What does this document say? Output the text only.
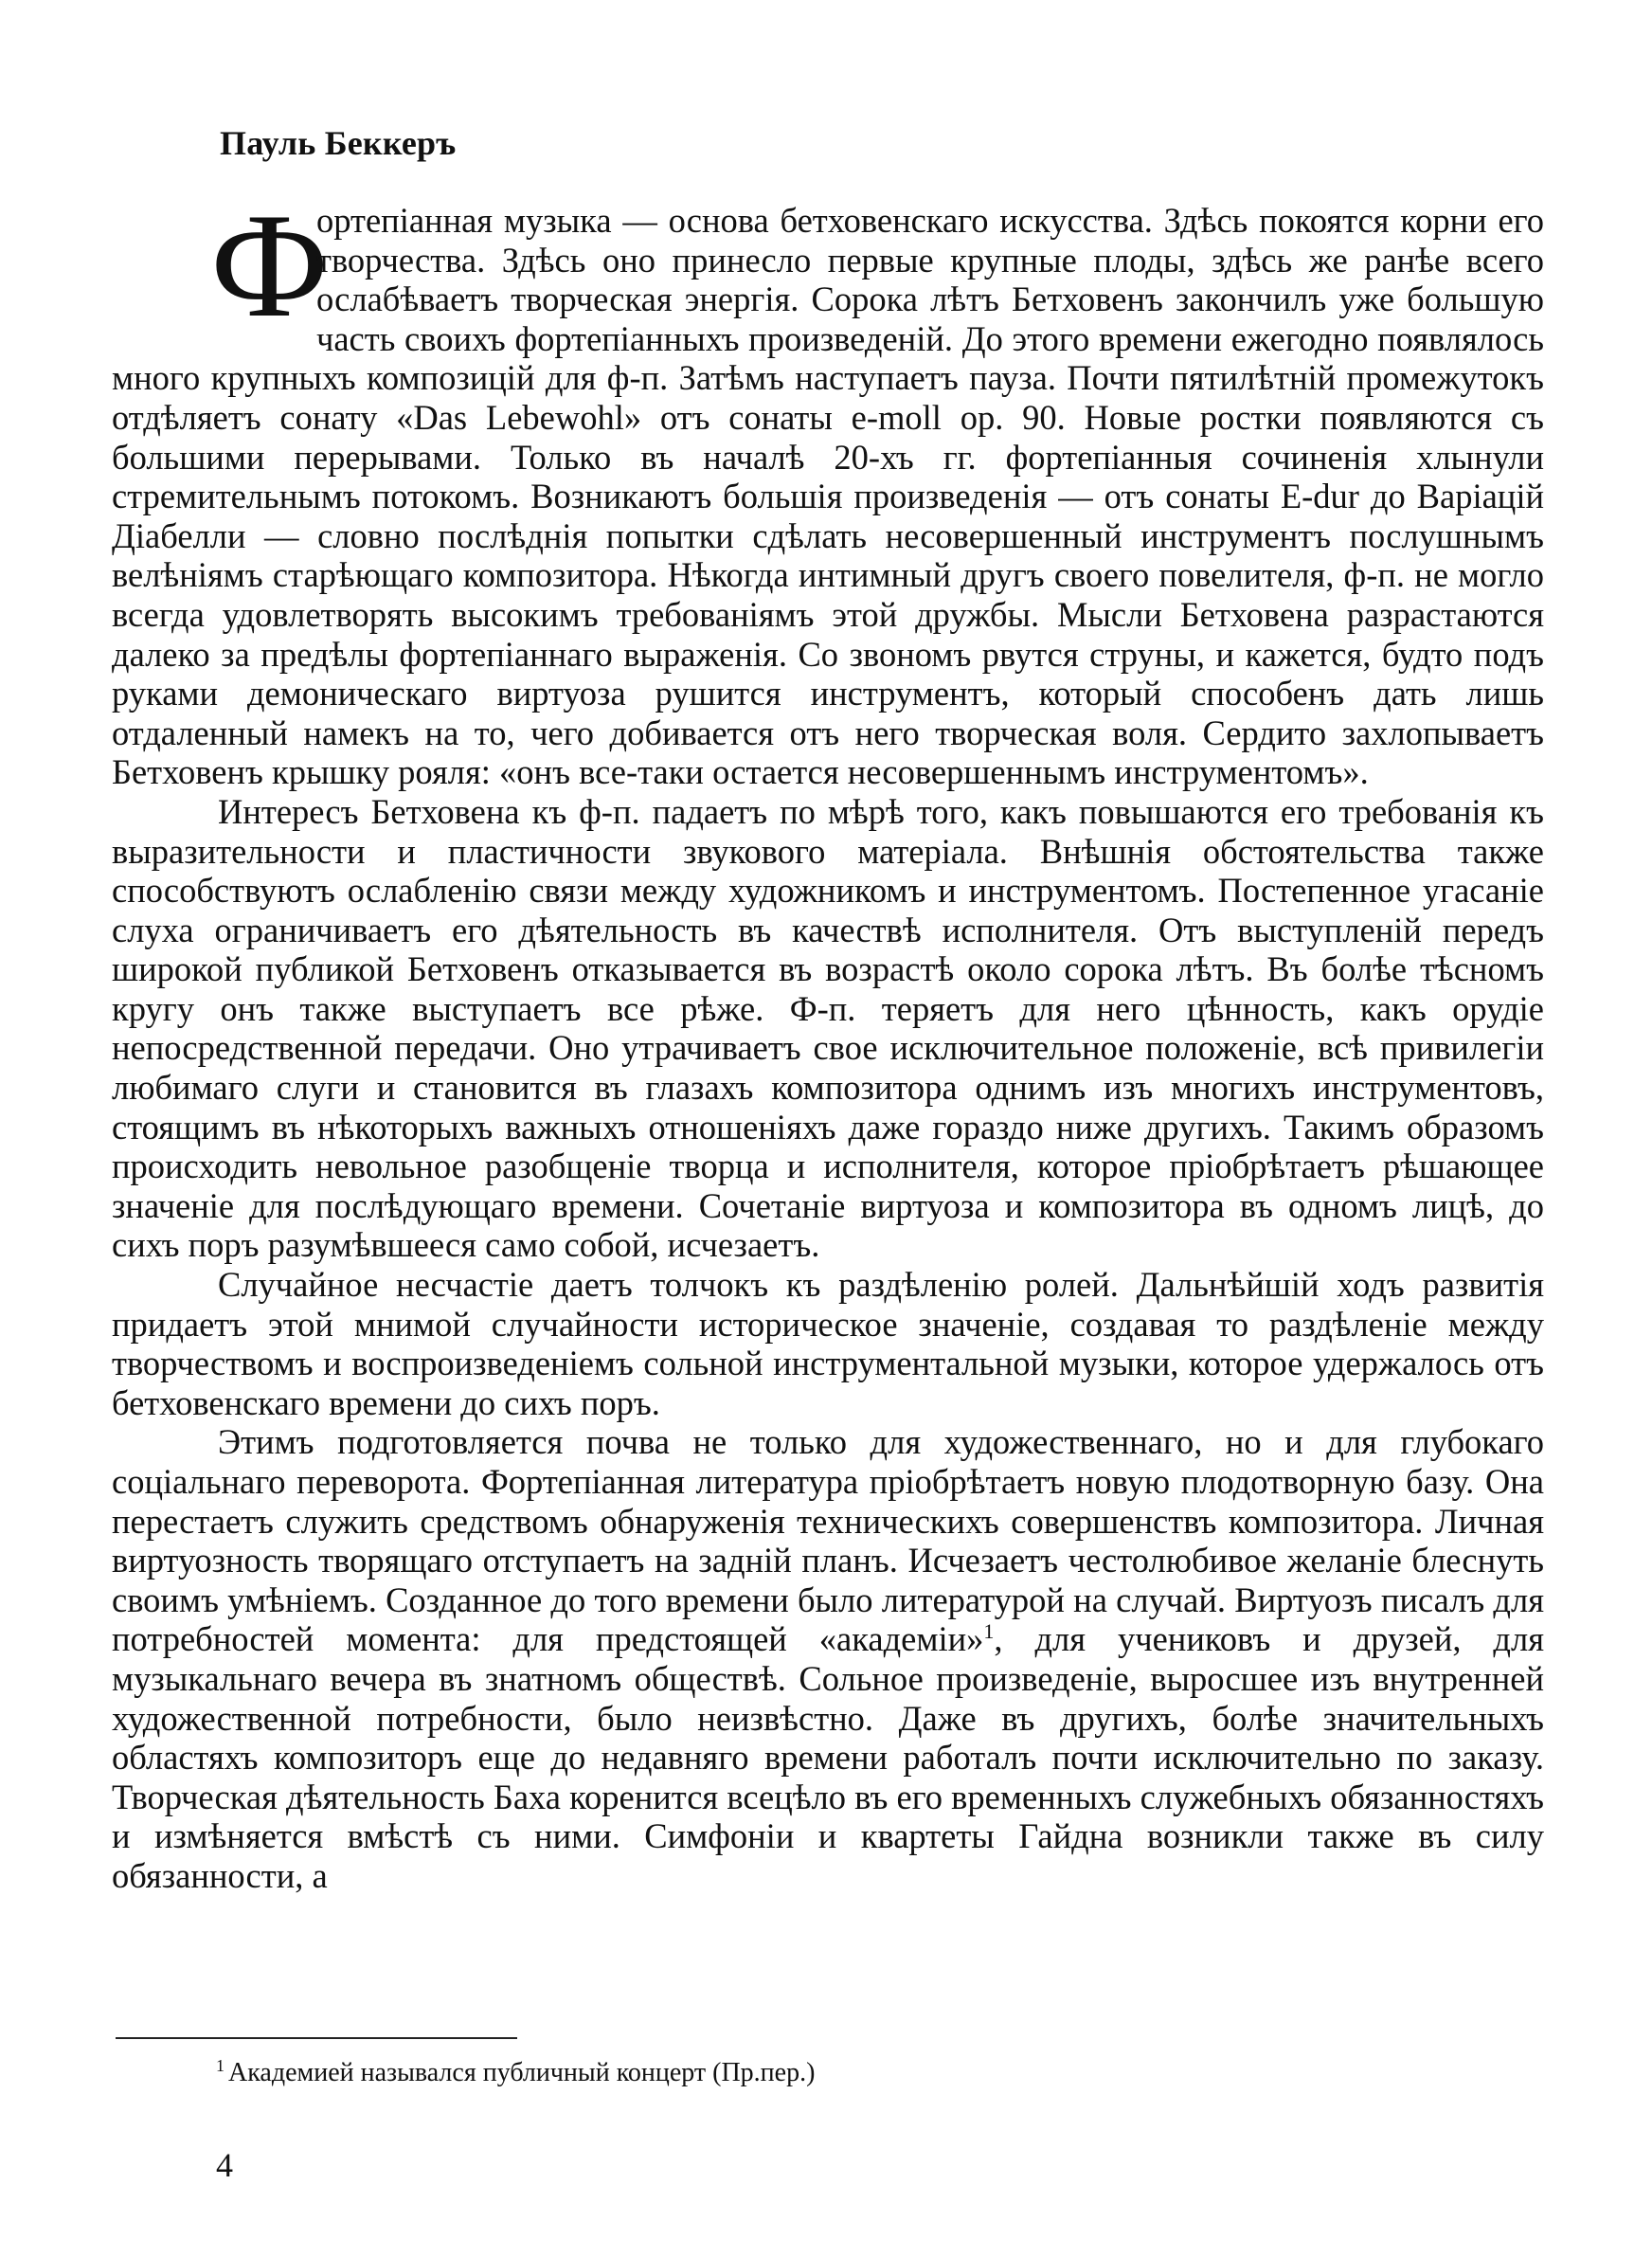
Пауль Беккеръ

Ф
ортепіанная музыка — основа бетховенскаго искусства. Здѣсь покоятся корни его творчества. Здѣсь оно принесло первые крупные плоды, здѣсь же ранѣе всего ослабѣваетъ творческая энергія. Сорока лѣтъ Бетховенъ закончилъ уже большую часть своихъ фортепіанныхъ произведеній. До этого времени ежегодно появлялось много крупныхъ композицій для ф-п. Затѣмъ наступаетъ пауза. Почти пятилѣтній промежутокъ отдѣляетъ сонату «Das Lebewohl» отъ сонаты e-moll op. 90. Новые ростки появляются съ большими перерывами. Только въ началѣ 20-хъ гг. фортепіанныя сочиненія хлынули стремительнымъ потокомъ. Возникаютъ большія произведенія — отъ сонаты E-dur до Варіацій Діабелли — словно послѣднія попытки сдѣлать несовершенный инструментъ послушнымъ велѣніямъ старѣющаго композитора. Нѣкогда интимный другъ своего повелителя, ф-п. не могло всегда удовлетворять высокимъ требованіямъ этой дружбы. Мысли Бетховена разрастаются далеко за предѣлы фортепіаннаго выраженія. Со звономъ рвутся струны, и кажется, будто подъ руками демоническаго виртуоза рушится инструментъ, который способенъ дать лишь отдаленный намекъ на то, чего добивается отъ него творческая воля. Сердито захлопываетъ Бетховенъ крышку рояля: «онъ все-таки остается несовершеннымъ инструментомъ».

Интересъ Бетховена къ ф-п. падаетъ по мѣрѣ того, какъ повышаются его требованія къ выразительности и пластичности звукового матеріала. Внѣшнія обстоятельства также способствуютъ ослабленію связи между художникомъ и инструментомъ. Постепенное угасаніе слуха ограничиваетъ его дѣятельность въ качествѣ исполнителя. Отъ выступленій передъ широкой публикой Бетховенъ отказывается въ возрастѣ около сорока лѣтъ. Въ болѣе тѣсномъ кругу онъ также выступаетъ все рѣже. Ф-п. теряетъ для него цѣнность, какъ орудіе непосредственной передачи. Оно утрачиваетъ свое исключительное положеніе, всѣ привилегіи любимаго слуги и становится въ глазахъ композитора однимъ изъ многихъ инструментовъ, стоящимъ въ нѣкоторыхъ важныхъ отношеніяхъ даже гораздо ниже другихъ. Такимъ образомъ происходить невольное разобщеніе творца и исполнителя, которое пріобрѣтаетъ рѣшающее значеніе для послѣдующаго времени. Сочетаніе виртуоза и композитора въ одномъ лицѣ, до сихъ поръ разумѣвшееся само собой, исчезаетъ.

Случайное несчастіе даетъ толчокъ къ раздѣленію ролей. Дальнѣйшій ходъ развитія придаетъ этой мнимой случайности историческое значеніе, создавая то раздѣленіе между творчествомъ и воспроизведеніемъ сольной инструментальной музыки, которое удержалось отъ бетховенскаго времени до сихъ поръ.

Этимъ подготовляется почва не только для художественнаго, но и для глубокаго соціальнаго переворота. Фортепіанная литература пріобрѣтаетъ новую плодотворную базу. Она перестаетъ служить средствомъ обнаруженія техническихъ совершенствъ композитора. Личная виртуозность творящаго отступаетъ на задній планъ. Исчезаетъ честолюбивое желаніе блеснуть своимъ умѣніемъ. Созданное до того времени было литературой на случай. Виртуозъ писалъ для потребностей момента: для предстоящей «академіи»$^1$, для учениковъ и друзей, для музыкальнаго вечера въ знатномъ обществѣ. Сольное произведеніе, выросшее изъ внутренней художественной потребности, было неизвѣстно. Даже въ другихъ, болѣе значительныхъ областяхъ композиторъ еще до недавняго времени работалъ почти исключительно по заказу. Творческая дѣятельность Баха коренится всецѣло въ его временныхъ служебныхъ обязанностяхъ и измѣняется вмѣстѣ съ ними. Симфоніи и квартеты Гайдна возникли также въ силу обязанности, а

$^1$ Академией назывался публичный концерт (Пр.пер.)

4
